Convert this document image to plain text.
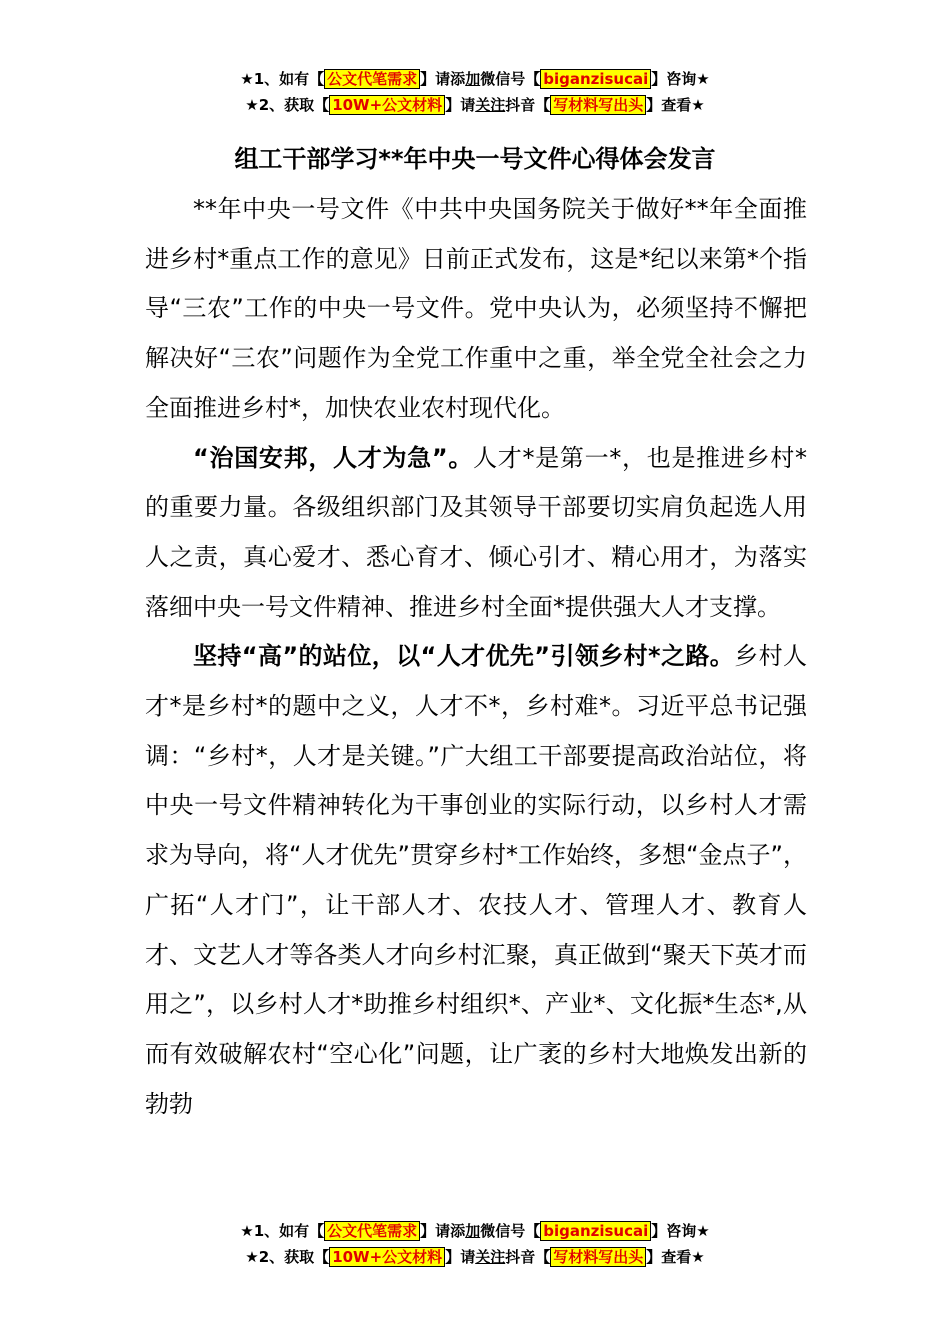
★1、如有【 公文代笔需求 】请添加微信号【 biganzisucai 】咨询★
★2、获取【 10W+公文材料 】请关注抖音【 写材料写出头 】查看★
组工干部学习**年中央一号文件心得体会发言

**年中央一号文件《中共中央国务院关于做好**年全面推进乡村*重点工作的意见》日前正式发布，这是*纪以来第*个指导“三农”工作的中央一号文件。党中央认为，必须坚持不懈把解决好“三农”问题作为全党工作重中之重，举全党全社会之力全面推进乡村*，加快农业农村现代化。

“治国安邦，人才为急”。人才*是第一*，也是推进乡村*的重要力量。各级组织部门及其领导干部要切实肩负起选人用人之责，真心爱才、悉心育才、倾心引才、精心用才，为落实落细中央一号文件精神、推进乡村全面*提供强大人才支撑。

坚持“高”的站位，以“人才优先”引领乡村*之路。乡村人才*是乡村*的题中之义，人才不*，乡村难*。习近平总书记强调：“乡村*，人才是关键。”广大组工干部要提高政治站位，将中央一号文件精神转化为干事创业的实际行动，以乡村人才需求为导向，将“人才优先”贯穿乡村*工作始终，多想“金点子”，广拓“人才门”，让干部人才、农技人才、管理人才、教育人才、文艺人才等各类人才向乡村汇聚，真正做到“聚天下英才而用之”，以乡村人才*助推乡村组织*、产业*、文化振*生态*,从而有效破解农村“空心化”问题，让广袤的乡村大地焕发出新的勃勃

★1、如有【 公文代笔需求 】请添加微信号【 biganzisucai 】咨询★
★2、获取【 10W+公文材料 】请关注抖音【 写材料写出头 】查看★
